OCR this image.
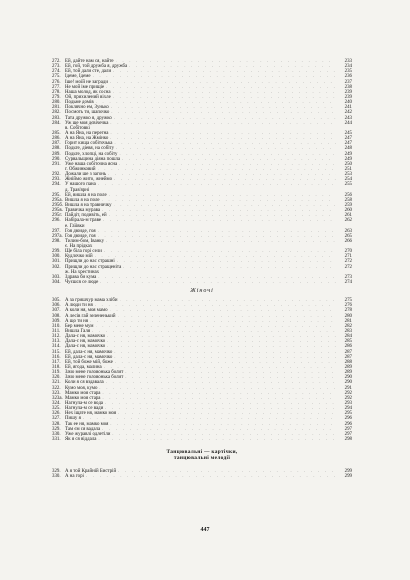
272. Ей, дайте нам ся, найте . . .	233
273. Ей, гой, той дружба я, дружба . . .	234
274. Ей, той дали сте, дали . . .	235
275. Ідеме, Ідеме . . .	236
276. Іше! моїй не загради . . .	237
277. Не мой іме прищіе . . .	238
278. Наша молод, як сосна . . .	239
279. Ой, прихилений віхле . . .	239
280. Подьме домів . . .	240
281. Поклячно ем, Зунько . . .	241
282. Посмоть ти, шапочко . . .	242
283. Тата дружко я, дружко . . .	243
284. Уж ще моя дєвічечка . . .	244
в. Собітовкі
285. А на Яна, на перегна . . .	245
286. А на Яна, на Жмінко . . .	247
287. Горит кища собіточька . . .	247
288. Подьте, діевя, на собіту . . .	248
289. Подьте, хлопці, на собіту . . .	249
290. Сурвальщина діяна пошла . . .	249
291. Уже наша собіточна ясна . . .	250
г. Обжинковий . . .	251
292. Дожали ше з загонь . . .	253
293. Жніймо жито, жнеймо . . .	254
294. У нашого пана . . .	255
д. Трав'ярні
295. Ей, вишла я на поле . . .	256
295a. Вишла я на поле . . .	258
295б. Вишла я на травничку . . .	259
295в. Травичка мурава . . .	260
295г. Пайдіт, подивіть, ей . . .	261
296. Набірала-м траве . . .	262
е. Гаїівки
297. Гоя дюиде, гоя . . .	263
297a. Гоя дюиде, гоя . . .	265
298. Тилим-бом, Іванку . . .	266
є. На прідках
299. Ще біла горі сели . . .	270
300. Кудлочко мій . . .	271
301. Прищли до нас страшні . . .	272
302. Прищли до нас стращеніта . . .	272
ж. На хрестинах
303. Здрава би кума . . .	273
304. Чуєшся се люде . . .	274
Жіночі
305. А за гришчур мама хліби . . .	275
306. А люди ти ня . . .	276
307. А коли ня, моя мамо . . .	278
308. А лесів гай зелененький . . .	280
309. А що ти ня . . .	281
310. Бер мене мум . . .	282
311. Вишла Галя . . .	283
312. Дала-с ня, мамочко . . .	284
313. Дала-с ня, мамочко . . .	285
314. Дала-с ня, мамочко . . .	286
315. Ей, дала-с ня, мамочко . . .	287
316. Ей, дала-с ня, мамочко . . .	287
317. Ей, той боже мій, боже . . .	288
318. Ей, ягода, малина . . .	289
319. Зачо мене головонька болит . . .	289
320. Зачо мене головонька болит . . .	290
321. Коли я ся вздавала . . .	290
322. Кумо моя, кумо . . .	291
323. Мамко моя стара . . .	292
323a. Мамко моя стара . . .	292
324. Нагнула-м се вода . . .	293
325. Нагнула-м се вади . . .	294
326. Нех іщате ня, мамко моя . . .	295
327. Пишу я . . .	296
328. Так ее ня, мамко моя . . .	296
329. Там єм ся вадала . . .	297
330. Уже журавлі одлетіли . . .	297
331. Як я ся віддала . . .	298
Танцювальні — картічки,
танцювальні мелодії
329. А я той Крайній Бистрій . . .	299
330. А на горі . . .	299
447
